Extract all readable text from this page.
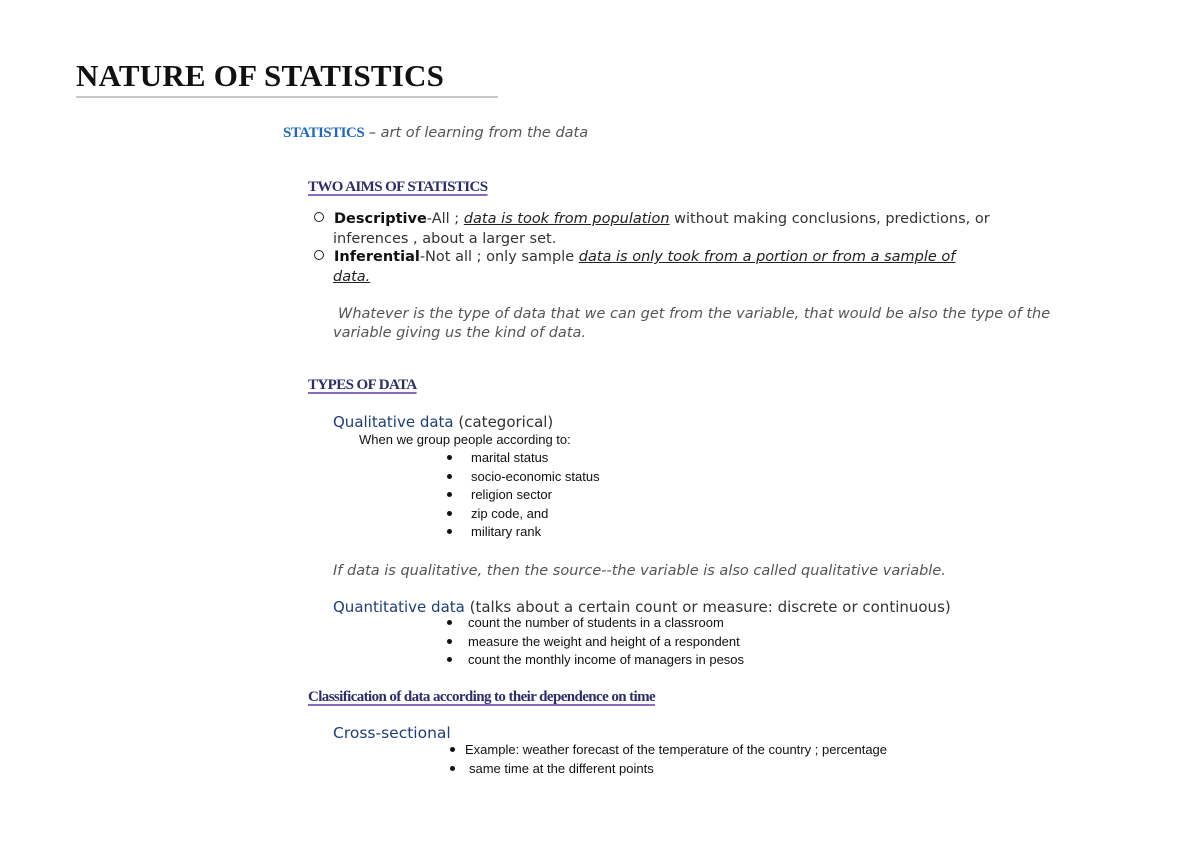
NATURE OF STATISTICS
STATISTICS – art of learning from the data
TWO AIMS OF STATISTICS
Descriptive-All ; data is took from population without making conclusions, predictions, or
inferences , about a larger set.
Inferential-Not all ; only sample data is only took from a portion or from a sample of
data.
Whatever is the type of data that we can get from the variable, that would be also the type of the variable giving us the kind of data.
TYPES OF DATA
Qualitative data (categorical)
When we group people according to:
marital status
socio-economic status
religion sector
zip code, and
military rank
If data is qualitative, then the source--the variable is also called qualitative variable.
Quantitative data (talks about a certain count or measure: discrete or continuous)
count the number of students in a classroom
measure the weight and height of a respondent
count the monthly income of managers in pesos
Classification of data according to their dependence on time
Cross-sectional
Example: weather forecast of the temperature of the country ; percentage
same time at the different points
